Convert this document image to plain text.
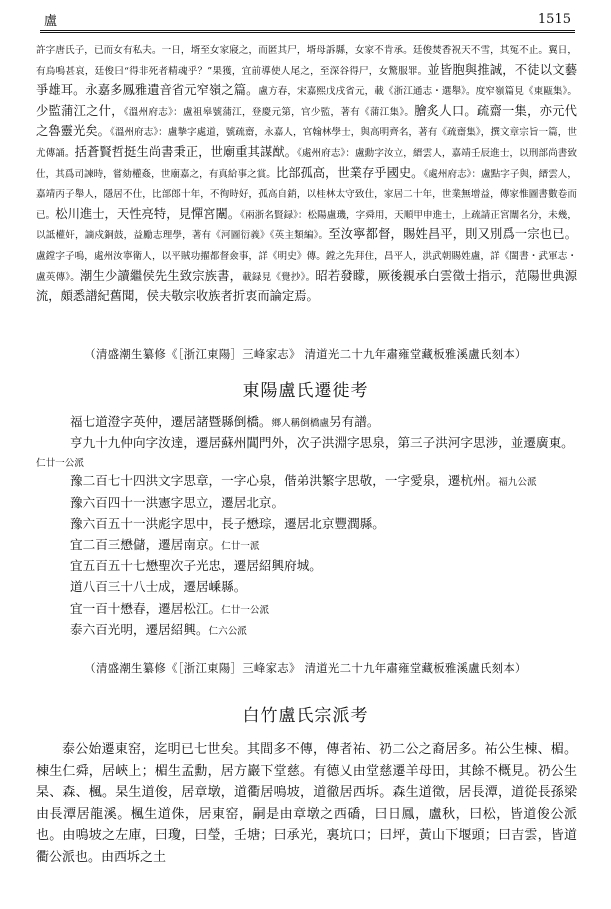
盧	1515
許字唐氏子，已而女有私夫。一日，壻至女家寢之，而匿其尸，壻母訴縣，女家不肯承。廷俊焚香祝天不雪，其冤不止。翼日，有烏鳴甚哀，廷俊曰“得非死者精魂乎？”果獲，宜前導使人尾之，至深谷得尸，女驚服罪。並皆胞與推誠，不徒以文藝爭雄耳。永嘉多鳳雅遺音省元窄嶺之篇。盧方春，宋嘉熙戊戌省元，載《浙江通志・選舉》。度窄嶺篇見《東甌集》。少監蒲江之什，《溫州府志》：盧祖皋號蒲江，登慶元第，官少監，著有《蒲江集》。膾炙人口。疏齋一集，亦元代之魯靈光矣。《溫州府志》：盧摯字處道，號疏齋，永嘉人，官翰林學士，與高明齊名，著有《疏齋集》，撰文章宗旨一篇，世尤傳誦。括蒼賢哲挺生尚書秉正，世廟重其謀猷。《處州府志》：盧勳字汝立，縉雲人，嘉靖壬辰進士，以刑部尚書致仕，其爲司諫時，嘗劾權姦，世廟嘉之，有真給事之賞。比部孤高，世業存乎國史。《處州府志》：盧點字子與，縉雲人，嘉靖丙子舉人，隱居不仕，比部郎十年，不徇時好，孤高自銷，以桂林太守致仕，家居二十年，世業無增益，傳家惟圖書數卷而已。松川進士，天性亮特，見憚宮闈。《兩浙名賢録》：松陽盧璣，字舜用，天順甲申進士，上疏請正宮闈名分，未幾，以詆權奸，謫戍銅鼓，益勵志理學，著有《河圖衍義》《英主類編》。至汝寧都督，賜姓昌平，則又別爲一宗也已。盧鏜字子鳴，處州汝寧衛人，以平賊功擢都督僉事，詳《明史》傳。鏜之先拜住，昌平人，洪武朝賜姓盧，詳《閩書・武軍志・盧英傳》。潮生少讀繼侯先生致宗族書，載録見《覺抄》。昭若發矇，厥後親承白雲徵士指示，范陽世典源流，頗悉譜紀舊聞，侯夫敬宗收族者折衷而論定焉。
（清盛潮生纂修《［浙江東陽］三峰家志》 清道光二十九年肅雍堂藏板雅溪盧氏刻本）
東陽盧氏遷徙考
福七道澄字英仲，遷居諸暨縣倒橋。鄉人稱倒橋盧另有譜。
亨九十九仲向字汝達，遷居蘇州閶門外，次子洪淵字思泉，第三子洪河字思涉，並遷廣東。
仁廿一公派
豫二百七十四洪文字思章，一字心泉，偕弟洪繁字思敬，一字愛泉，遷杭州。福九公派
豫六百四十一洪憲字思立，遷居北京。
豫六百五十一洪彪字思中，長子懋琮，遷居北京豐潤縣。
宜二百三懋儲，遷居南京。仁廿一派
宜五百五十七懋聖次子光忠，遷居紹興府城。
道八百三十八士成，遷居嵊縣。
宜一百十懋春，遷居松江。仁廿一公派
泰六百光明，遷居紹興。仁六公派
（清盛潮生纂修《［浙江東陽］三峰家志》 清道光二十九年肅雍堂藏板雅溪盧氏刻本）
白竹盧氏宗派考
泰公始遷東窑，迄明已七世矣。其間多不傳，傳者祐、礽二公之裔居多。祐公生棟、楣。棟生仁舜，居峽上；楣生孟勳，居方巖下堂慈。有德乂由堂慈遷羊母田，其餘不概見。礽公生杲、森、楓。杲生道俊，居章墩，道衢居鳴坡，道徹居西坼。森生道徵，居長潭，道從長孫梁由長潭居龍溪。楓生道侏，居東窑，嗣是由章墩之西礄，曰日鳳，盧秋，曰松，皆道俊公派也。由鳴坡之左庫，曰瓊，曰瑩，壬塘；曰承光，裏坑口；曰坪，黃山下堰頭；曰吉雲，皆道衢公派也。由西坼之土
